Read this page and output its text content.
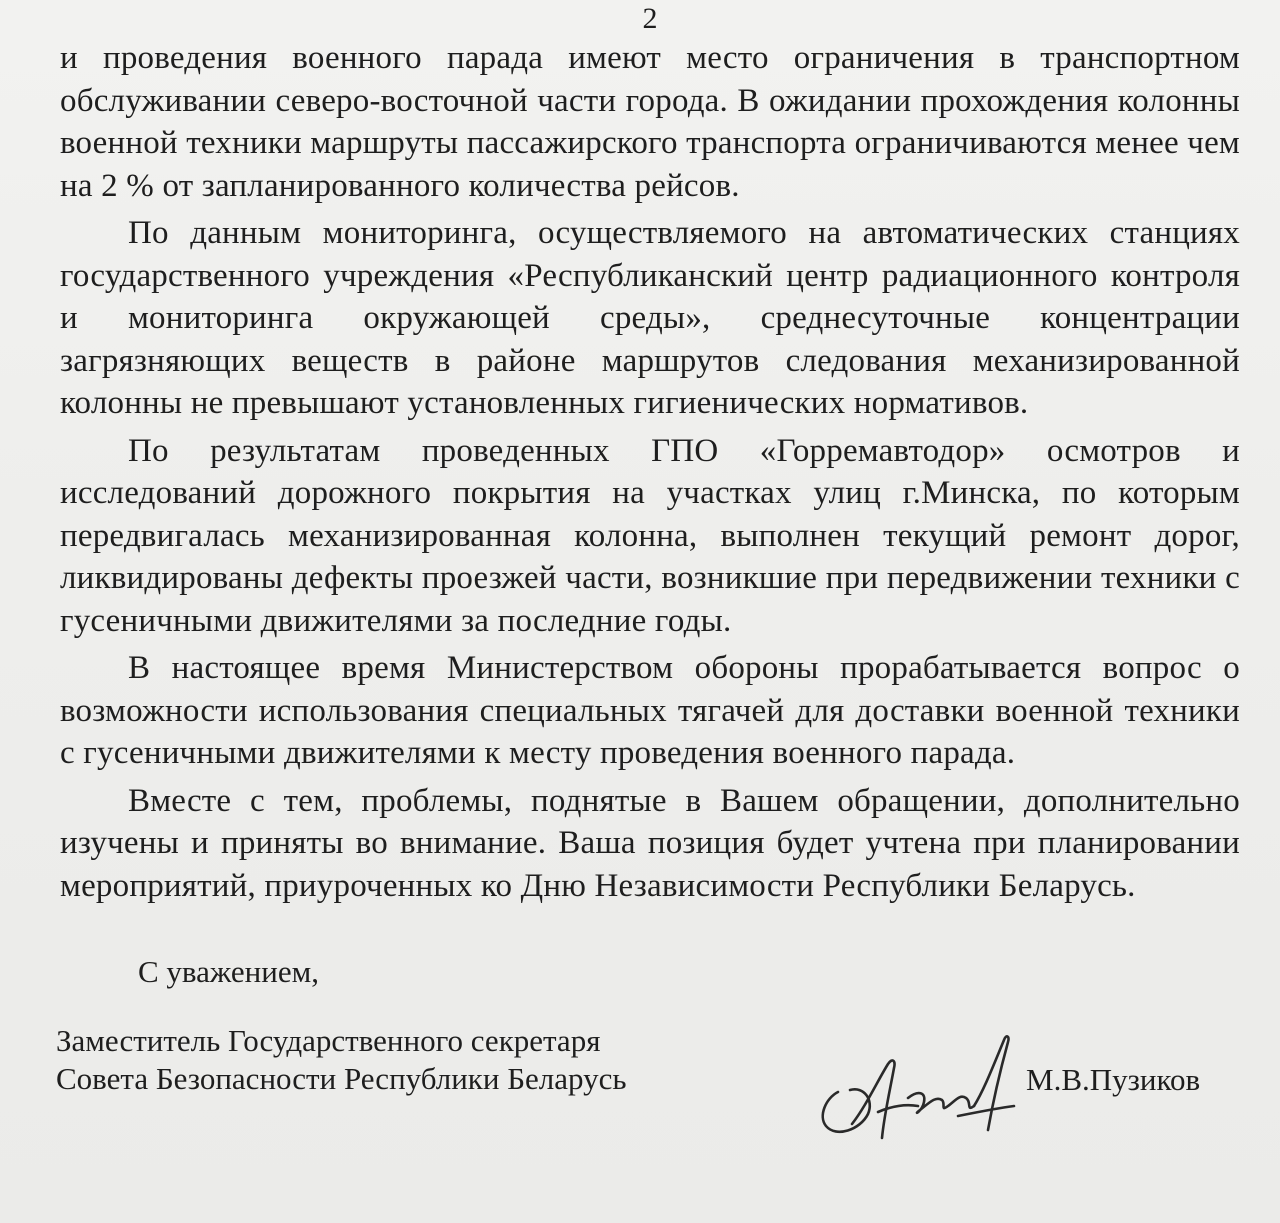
2

и проведения военного парада имеют место ограничения в транспортном обслуживании северо-восточной части города. В ожидании прохождения колонны военной техники маршруты пассажирского транспорта ограничиваются менее чем на 2 % от запланированного количества рейсов.

По данным мониторинга, осуществляемого на автоматических станциях государственного учреждения «Республиканский центр радиационного контроля и мониторинга окружающей среды», среднесуточные концентрации загрязняющих веществ в районе маршрутов следования механизированной колонны не превышают установленных гигиенических нормативов.

По результатам проведенных ГПО «Горремавтодор» осмотров и исследований дорожного покрытия на участках улиц г.Минска, по которым передвигалась механизированная колонна, выполнен текущий ремонт дорог, ликвидированы дефекты проезжей части, возникшие при передвижении техники с гусеничными движителями за последние годы.

В настоящее время Министерством обороны прорабатывается вопрос о возможности использования специальных тягачей для доставки военной техники с гусеничными движителями к месту проведения военного парада.

Вместе с тем, проблемы, поднятые в Вашем обращении, дополнительно изучены и приняты во внимание. Ваша позиция будет учтена при планировании мероприятий, приуроченных ко Дню Независимости Республики Беларусь.

С уважением,
Заместитель Государственного секретаря
Совета Безопасности Республики Беларусь	М.В.Пузиков
